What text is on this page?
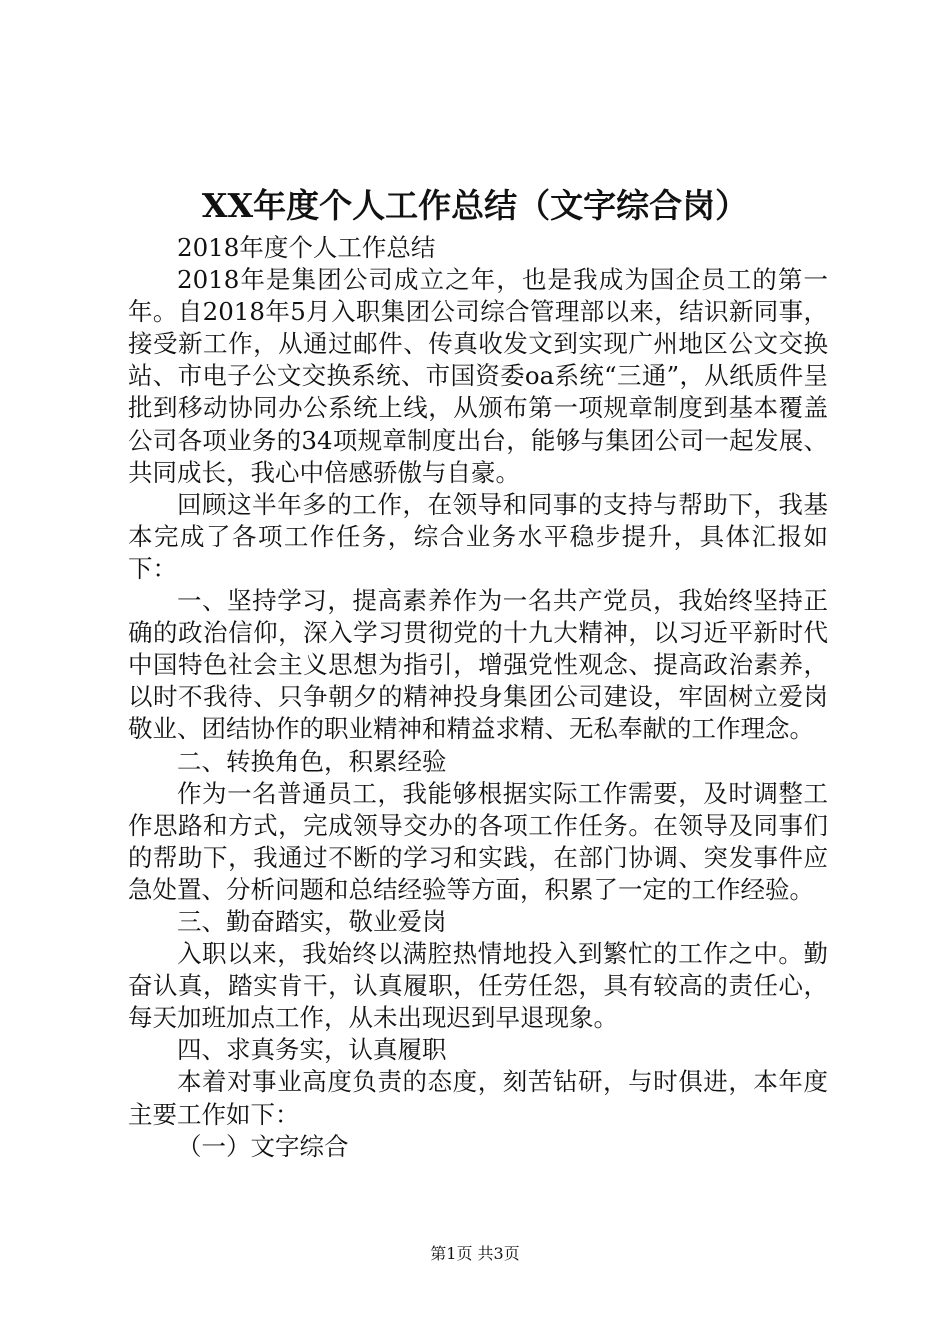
XX年度个人工作总结（文字综合岗）

2018年度个人工作总结

2018年是集团公司成立之年，也是我成为国企员工的第一年。自2018年5月入职集团公司综合管理部以来，结识新同事，接受新工作，从通过邮件、传真收发文到实现广州地区公文交换站、市电子公文交换系统、市国资委oa系统“三通”，从纸质件呈批到移动协同办公系统上线，从颁布第一项规章制度到基本覆盖公司各项业务的34项规章制度出台，能够与集团公司一起发展、共同成长，我心中倍感骄傲与自豪。

回顾这半年多的工作，在领导和同事的支持与帮助下，我基本完成了各项工作任务，综合业务水平稳步提升，具体汇报如下：

一、坚持学习，提高素养作为一名共产党员，我始终坚持正确的政治信仰，深入学习贯彻党的十九大精神，以习近平新时代中国特色社会主义思想为指引，增强党性观念、提高政治素养，以时不我待、只争朝夕的精神投身集团公司建设，牢固树立爱岗敬业、团结协作的职业精神和精益求精、无私奉献的工作理念。

二、转换角色，积累经验

作为一名普通员工，我能够根据实际工作需要，及时调整工作思路和方式，完成领导交办的各项工作任务。在领导及同事们的帮助下，我通过不断的学习和实践，在部门协调、突发事件应急处置、分析问题和总结经验等方面，积累了一定的工作经验。

三、勤奋踏实，敬业爱岗

入职以来，我始终以满腔热情地投入到繁忙的工作之中。勤奋认真，踏实肯干，认真履职，任劳任怨，具有较高的责任心，每天加班加点工作，从未出现迟到早退现象。

四、求真务实，认真履职

本着对事业高度负责的态度，刻苦钻研，与时俱进，本年度主要工作如下：

（一）文字综合

第1页 共3页
